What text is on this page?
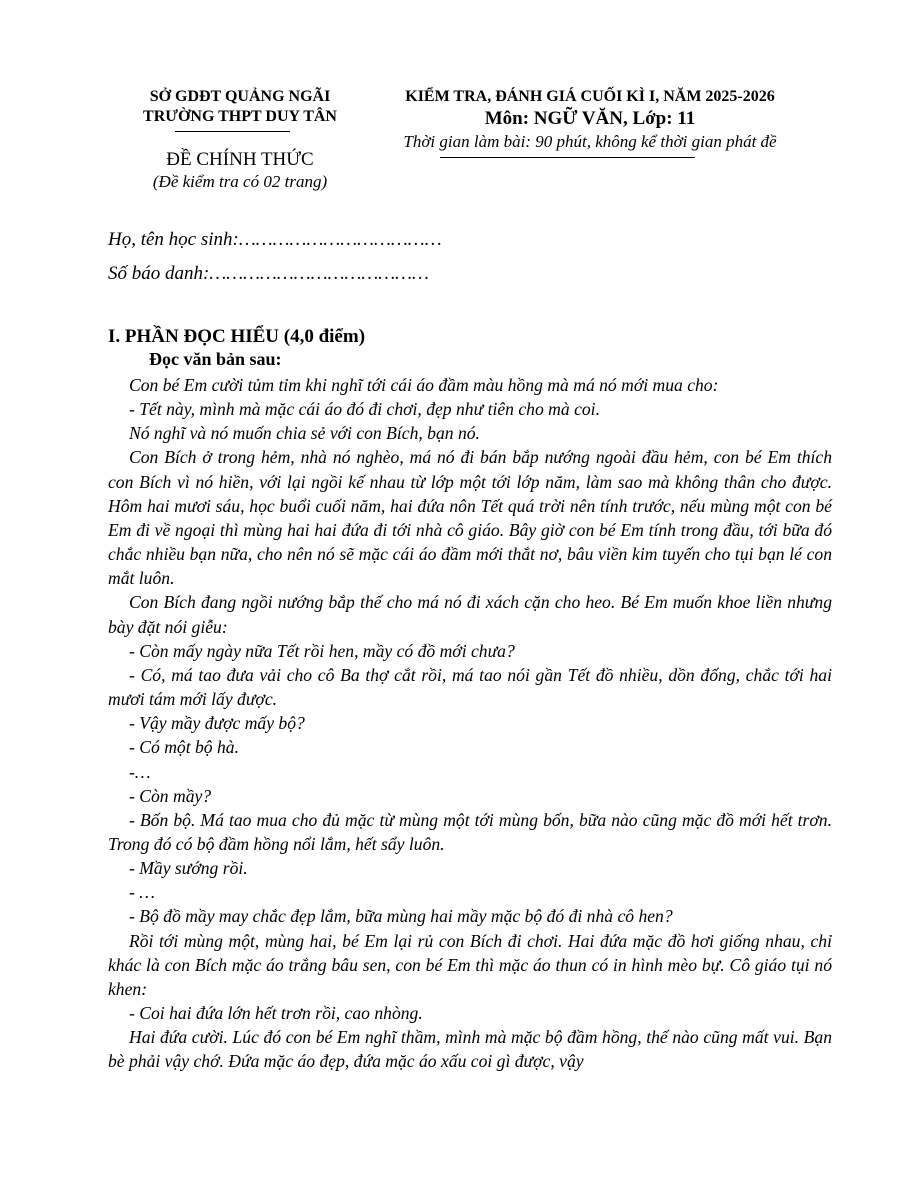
SỞ GDĐT QUẢNG NGÃI
TRƯỜNG THPT DUY TÂN
ĐỀ CHÍNH THỨC
(Đề kiểm tra có 02 trang)
KIỂM TRA, ĐÁNH GIÁ CUỐI KÌ I, NĂM 2025-2026
Môn: NGỮ VĂN, Lớp: 11
Thời gian làm bài: 90 phút, không kể thời gian phát đề
Họ, tên học sinh:………………………………
Số báo danh:…………………………………
I. PHẦN ĐỌC HIỂU (4,0 điểm)
Đọc văn bản sau:

Con bé Em cười tủm tỉm khi nghĩ tới cái áo đầm màu hồng mà má nó mới mua cho:

- Tết này, mình mà mặc cái áo đó đi chơi, đẹp như tiên cho mà coi.

Nó nghĩ và nó muốn chia sẻ với con Bích, bạn nó.

Con Bích ở trong hẻm, nhà nó nghèo, má nó đi bán bắp nướng ngoài đầu hẻm, con bé Em thích con Bích vì nó hiền, với lại ngồi kế nhau từ lớp một tới lớp năm, làm sao mà không thân cho được. Hôm hai mươi sáu, học buổi cuối năm, hai đứa nôn Tết quá trời nên tính trước, nếu mùng một con bé Em đi về ngoại thì mùng hai hai đứa đi tới nhà cô giáo. Bây giờ con bé Em tính trong đầu, tới bữa đó chắc nhiều bạn nữa, cho nên nó sẽ mặc cái áo đầm mới thắt nơ, bâu viền kim tuyến cho tụi bạn lé con mắt luôn.

Con Bích đang ngồi nướng bắp thế cho má nó đi xách cặn cho heo. Bé Em muốn khoe liền nhưng bày đặt nói giễu:

- Còn mấy ngày nữa Tết rồi hen, mầy có đồ mới chưa?

- Có, má tao đưa vải cho cô Ba thợ cắt rồi, má tao nói gần Tết đồ nhiều, dồn đống, chắc tới hai mươi tám mới lấy được.

- Vậy mầy được mấy bộ?

- Có một bộ hà.

-…

- Còn mầy?

- Bốn bộ. Má tao mua cho đủ mặc từ mùng một tới mùng bốn, bữa nào cũng mặc đồ mới hết trơn. Trong đó có bộ đầm hồng nổi lắm, hết sẩy luôn.

- Mầy sướng rồi.

- …

- Bộ đồ mầy may chắc đẹp lắm, bữa mùng hai mầy mặc bộ đó đi nhà cô hen?

Rồi tới mùng một, mùng hai, bé Em lại rủ con Bích đi chơi. Hai đứa mặc đồ hơi giống nhau, chỉ khác là con Bích mặc áo trắng bâu sen, con bé Em thì mặc áo thun có in hình mèo bự. Cô giáo tụi nó khen:

- Coi hai đứa lớn hết trơn rồi, cao nhòng.

Hai đứa cười. Lúc đó con bé Em nghĩ thầm, mình mà mặc bộ đầm hồng, thế nào cũng mất vui. Bạn bè phải vậy chớ. Đứa mặc áo đẹp, đứa mặc áo xấu coi gì được, vậy
